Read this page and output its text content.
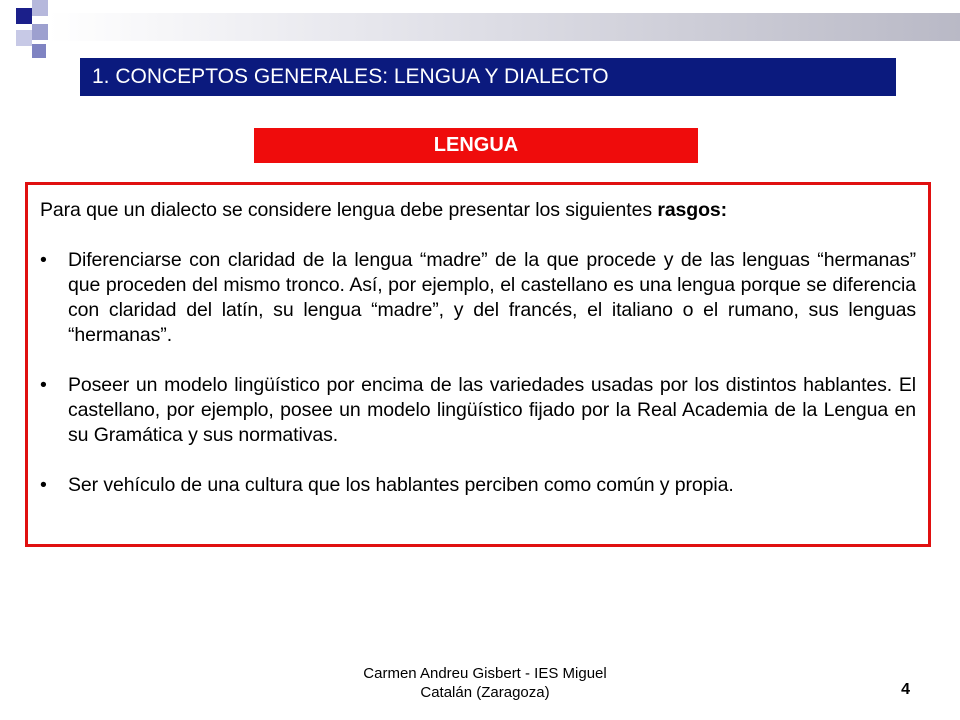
1. CONCEPTOS GENERALES: LENGUA Y DIALECTO
LENGUA

Para que un dialecto se considere lengua debe presentar los siguientes rasgos:

•	Diferenciarse con claridad de la lengua “madre” de la que procede y de las lenguas “hermanas” que proceden del mismo tronco. Así, por ejemplo, el castellano es una lengua porque se diferencia con claridad del latín, su lengua “madre”, y del francés, el italiano o el rumano, sus lenguas “hermanas”.
•	Poseer un modelo lingüístico por encima de las variedades usadas por los distintos hablantes. El castellano, por ejemplo, posee un modelo lingüístico fijado por la Real Academia de la Lengua en su Gramática y sus normativas.
•	Ser vehículo de una cultura que los hablantes perciben como común y propia.
Carmen Andreu Gisbert - IES Miguel
Catalán (Zaragoza)	4
